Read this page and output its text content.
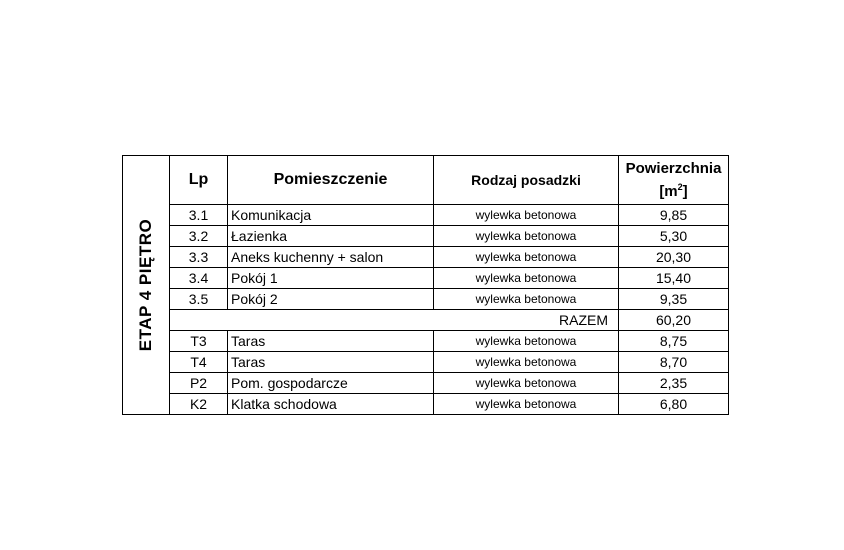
ETAP 4 PIĘTRO	Lp	Pomieszczenie	Rodzaj posadzki	Powierzchnia
$[m^2]$
	3.1	Komunikacja	wylewka betonowa	9,85
	3.2	Łazienka	wylewka betonowa	5,30
	3.3	Aneks kuchenny + salon	wylewka betonowa	20,30
	3.4	Pokój 1	wylewka betonowa	15,40
	3.5	Pokój 2	wylewka betonowa	9,35
	RAZEM			60,20
	T3	Taras	wylewka betonowa	8,75
	T4	Taras	wylewka betonowa	8,70
	P2	Pom. gospodarcze	wylewka betonowa	2,35
	K2	Klatka schodowa	wylewka betonowa	6,80
